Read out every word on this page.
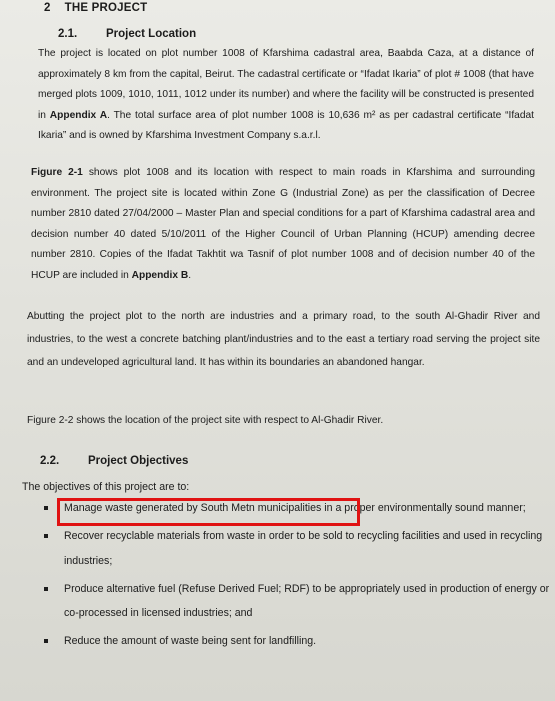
2 THE PROJECT
2.1.	Project Location

The project is located on plot number 1008 of Kfarshima cadastral area, Baabda Caza, at a distance of approximately 8 km from the capital, Beirut. The cadastral certificate or “Ifadat Ikaria” of plot # 1008 (that have merged plots 1009, 1010, 1011, 1012 under its number) and where the facility will be constructed is presented in Appendix A. The total surface area of plot number 1008 is 10,636 m² as per cadastral certificate “Ifadat Ikaria” and is owned by Kfarshima Investment Company s.a.r.l.

Figure 2-1 shows plot 1008 and its location with respect to main roads in Kfarshima and surrounding environment. The project site is located within Zone G (Industrial Zone) as per the classification of Decree number 2810 dated 27/04/2000 – Master Plan and special conditions for a part of Kfarshima cadastral area and decision number 40 dated 5/10/2011 of the Higher Council of Urban Planning (HCUP) amending decree number 2810. Copies of the Ifadat Takhtit wa Tasnif of plot number 1008 and of decision number 40 of the HCUP are included in Appendix B.

Abutting the project plot to the north are industries and a primary road, to the south Al-Ghadir River and industries, to the west a concrete batching plant/industries and to the east a tertiary road serving the project site and an undeveloped agricultural land. It has within its boundaries an abandoned hangar.

Figure 2-2 shows the location of the project site with respect to Al-Ghadir River.

2.2.	Project Objectives

The objectives of this project are to:

Manage waste generated by South Metn municipalities in a proper environmentally sound manner;
Recover recyclable materials from waste in order to be sold to recycling facilities and used in recycling industries;
Produce alternative fuel (Refuse Derived Fuel; RDF) to be appropriately used in production of energy or co-processed in licensed industries; and
Reduce the amount of waste being sent for landfilling.
